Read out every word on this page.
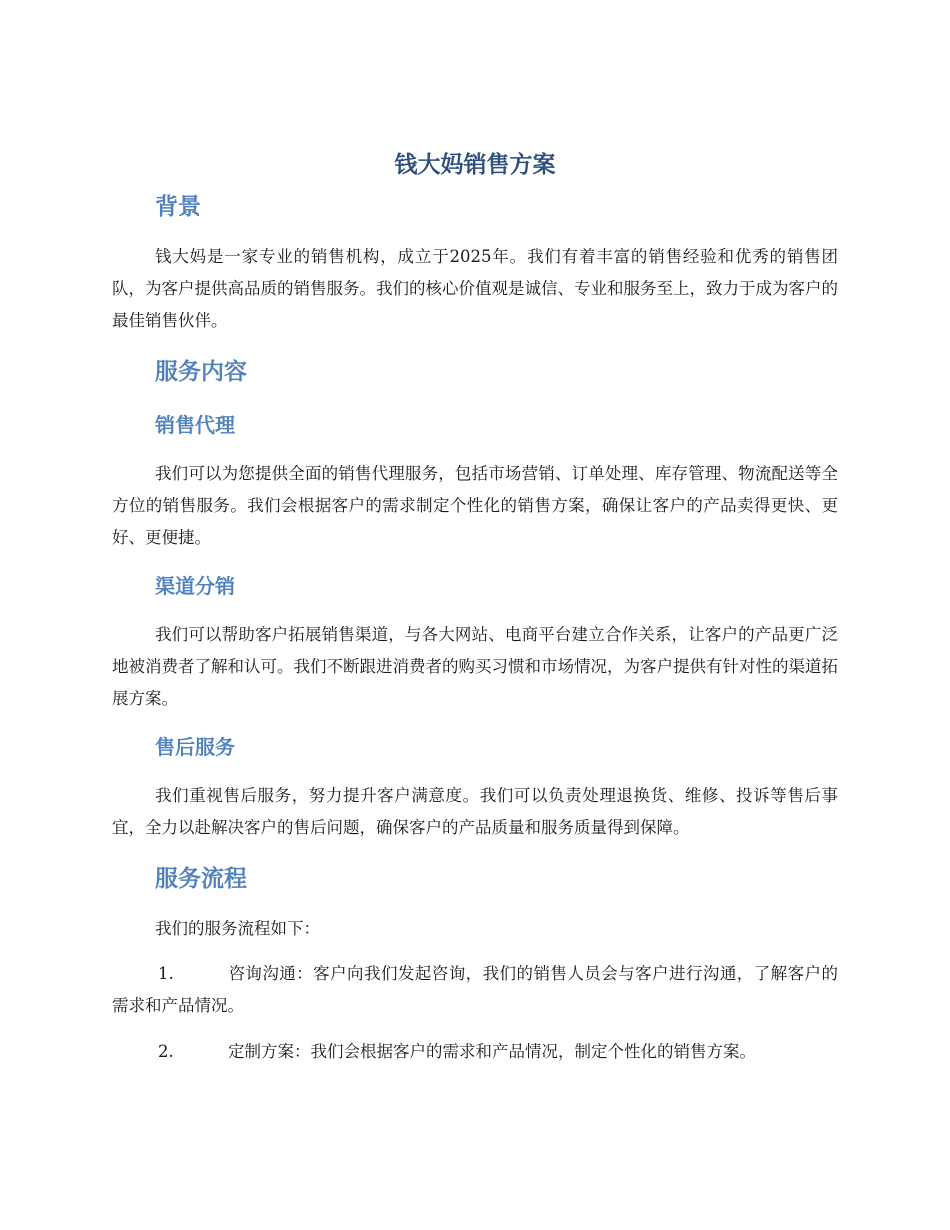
钱大妈销售方案
背景

钱大妈是一家专业的销售机构，成立于2025年。我们有着丰富的销售经验和优秀的销售团队，为客户提供高品质的销售服务。我们的核心价值观是诚信、专业和服务至上，致力于成为客户的最佳销售伙伴。

服务内容
销售代理

我们可以为您提供全面的销售代理服务，包括市场营销、订单处理、库存管理、物流配送等全方位的销售服务。我们会根据客户的需求制定个性化的销售方案，确保让客户的产品卖得更快、更好、更便捷。

渠道分销

我们可以帮助客户拓展销售渠道，与各大网站、电商平台建立合作关系，让客户的产品更广泛地被消费者了解和认可。我们不断跟进消费者的购买习惯和市场情况，为客户提供有针对性的渠道拓展方案。

售后服务

我们重视售后服务，努力提升客户满意度。我们可以负责处理退换货、维修、投诉等售后事宜，全力以赴解决客户的售后问题，确保客户的产品质量和服务质量得到保障。

服务流程

我们的服务流程如下：

1.	咨询沟通：客户向我们发起咨询，我们的销售人员会与客户进行沟通，了解客户的需求和产品情况。
2.	定制方案：我们会根据客户的需求和产品情况，制定个性化的销售方案。
